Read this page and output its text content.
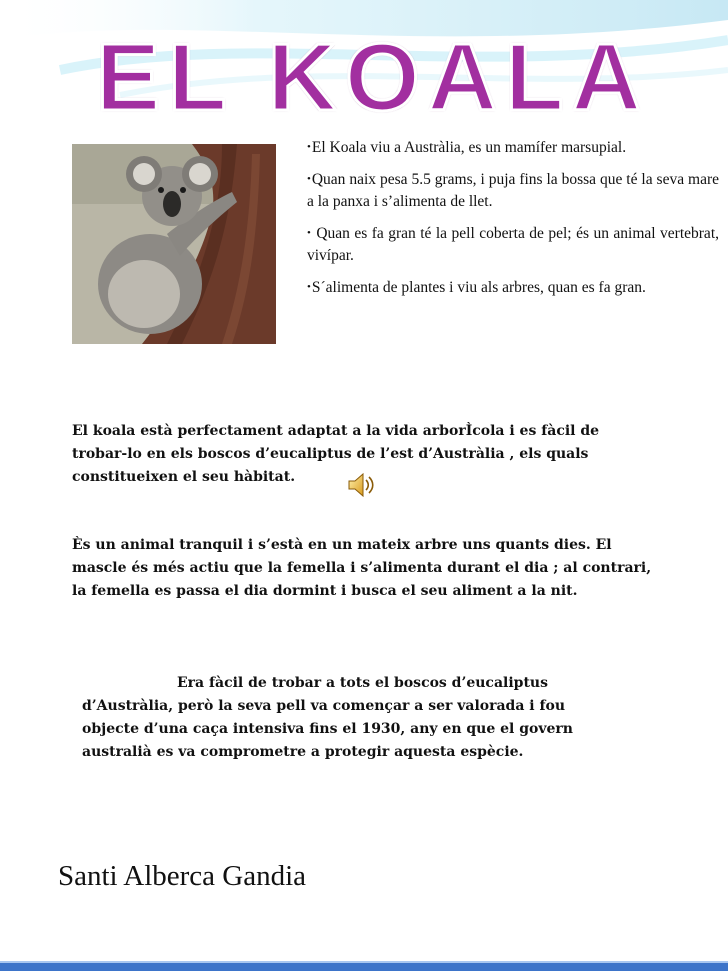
EL KOALA

•El Koala viu a Austràlia, es un mamífer marsupial.

•Quan naix pesa 5.5 grams, i puja fins la bossa que té la seva mare a la panxa i s’alimenta de llet.

• Quan es fa gran té la pell coberta de pel; és un animal vertebrat, vivípar.

•S´alimenta de plantes i viu als arbres, quan es fa gran.

El koala està perfectament adaptat a la vida arborÌcola i es fàcil de trobar-lo en els boscos d’eucaliptus de l’est d’Austràlia , els quals constitueixen el seu hàbitat.

Ès un animal tranquil i s’està en un mateix arbre uns quants dies. El mascle és més actiu que la femella i s’alimenta durant el dia ; al contrari, la femella es passa el dia dormint i busca el seu aliment a la nit.

Era fàcil de trobar a tots el boscos d’eucaliptus d’Austràlia, però la seva pell va començar a ser valorada i fou objecte d’una caça intensiva fins el 1930, any en que el govern australià es va comprometre a protegir aquesta espècie.

Santi Alberca Gandia
